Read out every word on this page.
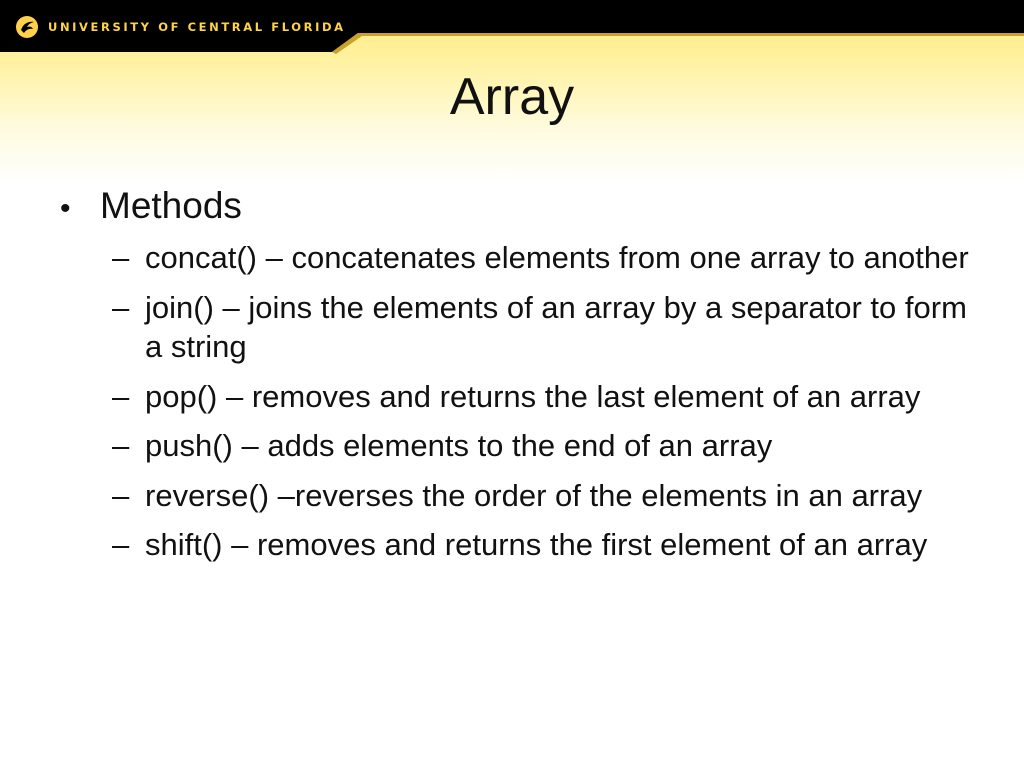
UNIVERSITY OF CENTRAL FLORIDA
Array
• Methods
– concat() – concatenates elements from one array to another
– join() – joins the elements of an array by a separator to form a string
– pop() – removes and returns the last element of an array
– push() – adds elements to the end of an array
– reverse() –reverses the order of the elements in an array
– shift() – removes and returns the first element of an array
